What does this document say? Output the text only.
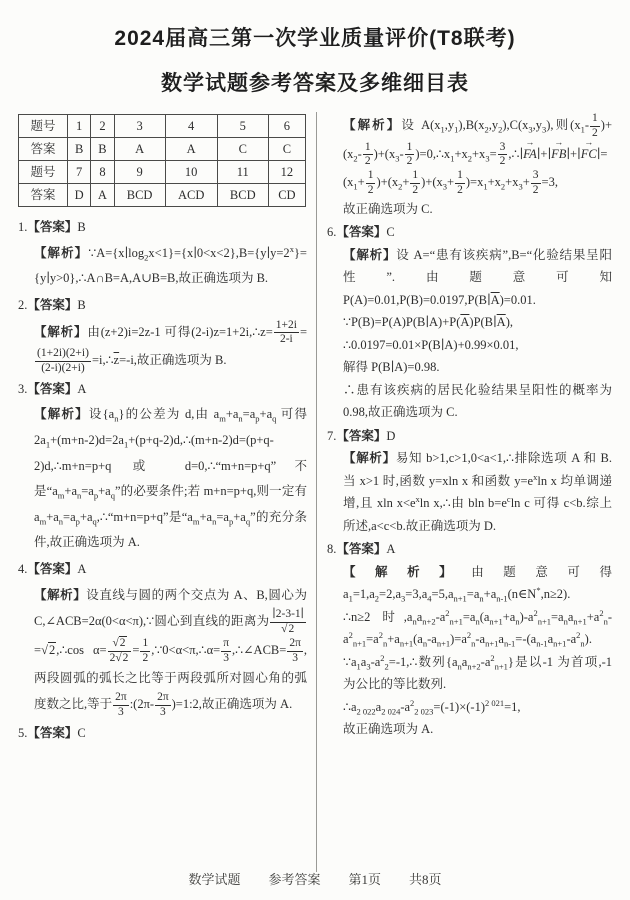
2024届高三第一次学业质量评价(T8联考)
数学试题参考答案及多维细目表
题号	1	2	3	4	5	6
答案	B	B	A	A	C	C
题号	7	8	9	10	11	12
答案	D	A	BCD	ACD	BCD	CD
1.【答案】B
【解析】$\because A=\{x∣\log_2x<1\}=\{x∣0<x<2\},B=\{y∣y=2^x\}=\{y∣y>0\},\therefore A\cap B=A,A\cup B=B$,故正确选项为 B.
2.【答案】B
【解析】由(z+2)i=2z-1 可得(2-i)z=1+2i,∴z= $\frac{1+2i}{2-i}$ =
$\frac{(1+2i)(2+i)}{(2-i)(2+i)}$ $=i,\therefore\overline{z}=-i$,故正确选项为 B.
3.【答案】A
【解析】设$\{a_n\}$的公差为 d,由 $a_m+a_n=a_p+a_q$ 可得 $2a_1+(m+n-2)d=2a_1+(p+q-2)d,\therefore(m+n-2)d=(p+q-2)d,\therefore m+n=p+q$ 或 d=0,∴“m+n=p+q”不是“$a_m+a_n=a_p+a_q$”的必要条件;若 m+n=p+q,则一定有 $a_m+a_n=a_p+a_q,\therefore“m+n=p+q$”是“$a_m+a_n=a_p+a_q$”的充分条件,故正确选项为 A.
4.【答案】A
【解析】设直线与圆的两个交点为 A、B,圆心为 C,∠ACB=2α(0<α<π),∵圆心到直线的距离为 $\frac{∣2-3-1∣}{√2}$
=√2,∴cos $\alpha= \frac{√2}{2√2} = \frac{1}{2}$ ,∵0<α<π,∴α= $\frac{\pi}{3}$ ,∴∠ACB= $\frac{2\pi}{3}$ ,两段圆弧的弧长之比等于两段弧所对圆心角的弧度数之比,等于 $\frac{2\pi}{3}$ :(2π- $\frac{2\pi}{3}$ )=1:2,故正确选项为 A.
5.【答案】C
【解析】设 $A(x_1,y_1),B(x_2,y_2),C(x_3,y_3)$,则$(x_1- \frac{1}{2} )+(x_2- \frac{1}{2} )+(x_3- \frac{1}{2}$ )$=0,\therefore x_1+x_2+x_3= \frac{3}{2}$ ,∴∣FA →∣+∣FB →∣+∣FC $\to∣=(x_1+ \frac{1}{2} )+(x_2+ \frac{1}{2} )+(x_3+ \frac{1}{2} )=x_1+x_2+x_3+ \frac{3}{2} =3$,
故正确选项为 C.
6.【答案】C
【解析】设 A=“患有该疾病”,B=“化验结果呈阳性”.由题意可知 $P(A)=0.01,P(B)=0.0197,P(B∣\overline{A})=0.01$.
$\because P(B)=P(A)P(B∣A)+P(\overline{A})P(B∣\overline{A})$,
∴0.0197=0.01×P(B∣A)+0.99×0.01,
解得 P(B∣A)=0.98.
∴患有该疾病的居民化验结果呈阳性的概率为 0.98,故正确选项为 C.
7.【答案】D
【解析】易知 b>1,c>1,0<a<1,∴排除选项 A 和 B.当 x>1 时,函数 y=xln x 和函数 $y=e^x\ln$ x 均单调递增,且 xln $x<e^x\ln$ x,∴由 bln $b=e^c\ln$ c 可得 c<b.综上所述,a<c<b.故正确选项为 D.
8.【答案】A
【解析】由题意可得 $a_1=1,a_2=2,a_3=3,a_4=5,a_{n+1}=a_n+a_{n-1}(n\in N^*,n\ge 2)$.
∴n≥2 时$,a_na_{n+2}-a^2_{n+1}=a_n(a_{n+1}+a_n)-a^2_{n+1}=a_na_{n+1}+a^2_n-a^2_{n+1}=a^2_n+a_{n+1}(a_n-a_{n+1})=a^2_n-a_{n+1}a_{n-1}=-(a_{n-1}a_{n+1}-a^2_n)$.
$\because a_1a_3-a^2_2=-1,\therefore$数列$\{a_na_{n+2}-a^2_{n+1}\}$是以-1 为首项,-1 为公比的等比数列.
$\therefore a_{2 022}a_{2 024}-a^2_{2 023}=(-1)\times(-1)^{2 021}=1$,
故正确选项为 A.
数学试题 参考答案 第1页 共8页
